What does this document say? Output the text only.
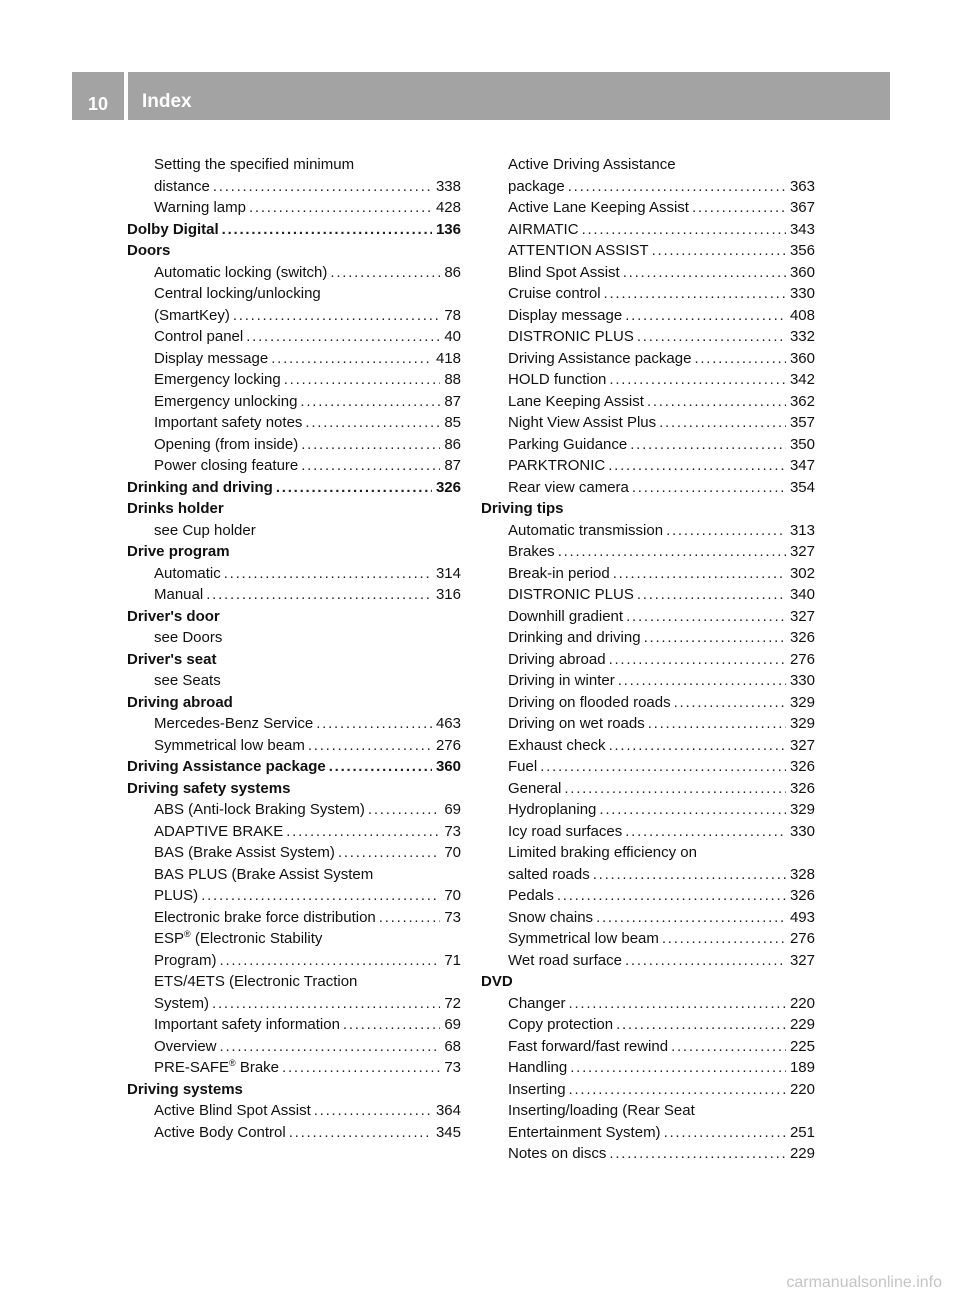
10	Index
Setting the specified minimum
distance . . .	338
Warning lamp . . .	428
Dolby Digital . . .	136
Doors
Automatic locking (switch) . . .	86
Central locking/unlocking
(SmartKey) . . .	78
Control panel . . .	40
Display message . . .	418
Emergency locking . . .	88
Emergency unlocking . . .	87
Important safety notes . . .	85
Opening (from inside) . . .	86
Power closing feature . . .	87
Drinking and driving . . .	326
Drinks holder
see Cup holder
Drive program
Automatic . . .	314
Manual . . .	316
Driver's door
see Doors
Driver's seat
see Seats
Driving abroad
Mercedes-Benz Service . . .	463
Symmetrical low beam . . .	276
Driving Assistance package . . .	360
Driving safety systems
ABS (Anti-lock Braking System) . . .	69
ADAPTIVE BRAKE . . .	73
BAS (Brake Assist System) . . .	70
BAS PLUS (Brake Assist System
PLUS) . . .	70
Electronic brake force distribution . . .	73
ESP® (Electronic Stability
Program) . . .	71
ETS/4ETS (Electronic Traction
System) . . .	72
Important safety information . . .	69
Overview . . .	68
PRE-SAFE® Brake . . .	73
Driving systems
Active Blind Spot Assist . . .	364
Active Body Control . . .	345
Active Driving Assistance
package . . .	363
Active Lane Keeping Assist . . .	367
AIRMATIC . . .	343
ATTENTION ASSIST . . .	356
Blind Spot Assist . . .	360
Cruise control . . .	330
Display message . . .	408
DISTRONIC PLUS . . .	332
Driving Assistance package . . .	360
HOLD function . . .	342
Lane Keeping Assist . . .	362
Night View Assist Plus . . .	357
Parking Guidance . . .	350
PARKTRONIC . . .	347
Rear view camera . . .	354
Driving tips
Automatic transmission . . .	313
Brakes . . .	327
Break-in period . . .	302
DISTRONIC PLUS . . .	340
Downhill gradient . . .	327
Drinking and driving . . .	326
Driving abroad . . .	276
Driving in winter . . .	330
Driving on flooded roads . . .	329
Driving on wet roads . . .	329
Exhaust check . . .	327
Fuel . . .	326
General . . .	326
Hydroplaning . . .	329
Icy road surfaces . . .	330
Limited braking efficiency on
salted roads . . .	328
Pedals . . .	326
Snow chains . . .	493
Symmetrical low beam . . .	276
Wet road surface . . .	327
DVD
Changer . . .	220
Copy protection . . .	229
Fast forward/fast rewind . . .	225
Handling . . .	189
Inserting . . .	220
Inserting/loading (Rear Seat
Entertainment System) . . .	251
Notes on discs . . .	229
carmanualsonline.info
